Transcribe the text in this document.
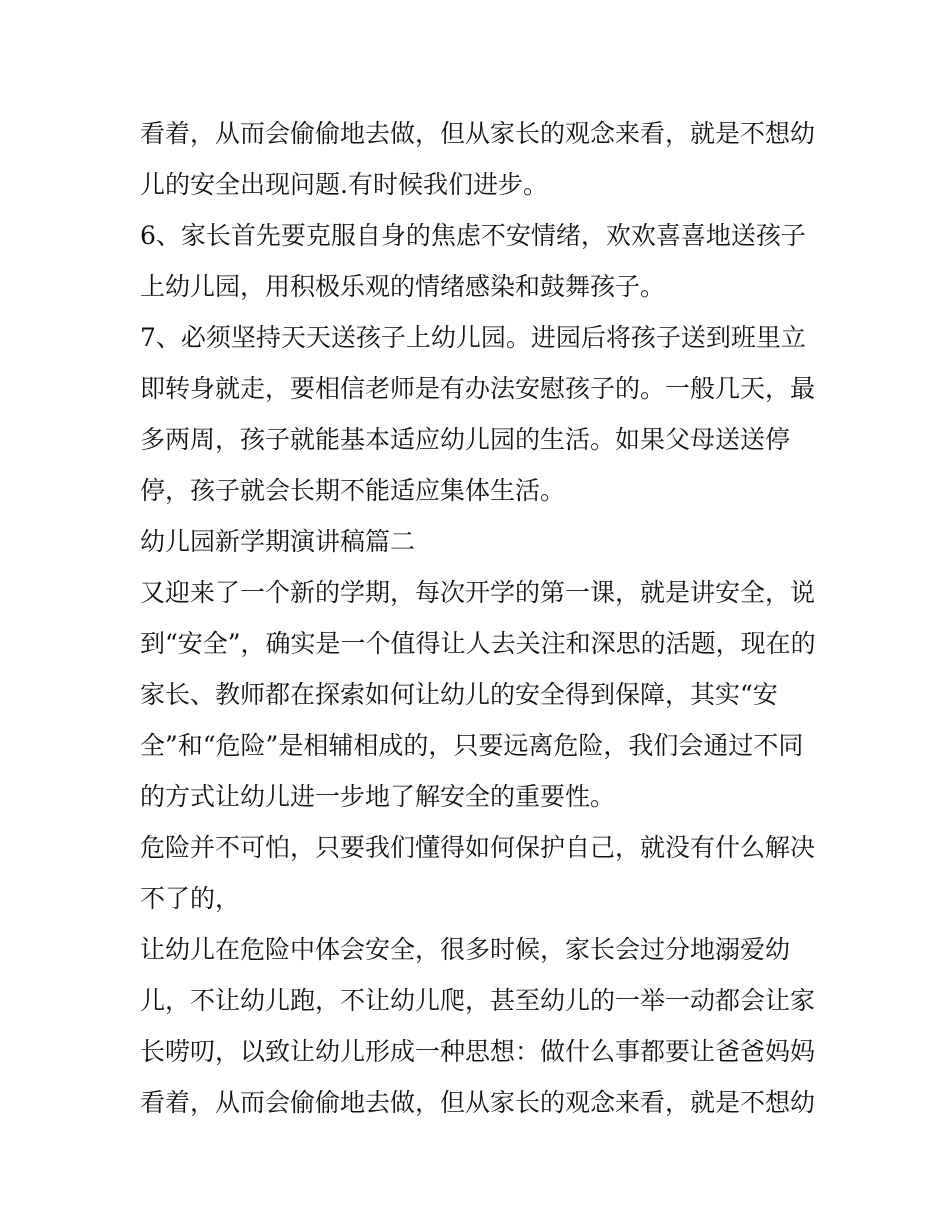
看着，从而会偷偷地去做，但从家长的观念来看，就是不想幼
儿的安全出现问题.有时候我们进步。
6、家长首先要克服自身的焦虑不安情绪，欢欢喜喜地送孩子
上幼儿园，用积极乐观的情绪感染和鼓舞孩子。
7、必须坚持天天送孩子上幼儿园。进园后将孩子送到班里立
即转身就走，要相信老师是有办法安慰孩子的。一般几天，最
多两周，孩子就能基本适应幼儿园的生活。如果父母送送停
停，孩子就会长期不能适应集体生活。
幼儿园新学期演讲稿篇二
又迎来了一个新的学期，每次开学的第一课，就是讲安全，说
到“安全”，确实是一个值得让人去关注和深思的活题，现在的
家长、教师都在探索如何让幼儿的安全得到保障，其实“安
全”和“危险”是相辅相成的，只要远离危险，我们会通过不同
的方式让幼儿进一步地了解安全的重要性。
危险并不可怕，只要我们懂得如何保护自己，就没有什么解决
不了的，
让幼儿在危险中体会安全，很多时候，家长会过分地溺爱幼
儿，不让幼儿跑，不让幼儿爬，甚至幼儿的一举一动都会让家
长唠叨，以致让幼儿形成一种思想：做什么事都要让爸爸妈妈
看着，从而会偷偷地去做，但从家长的观念来看，就是不想幼
